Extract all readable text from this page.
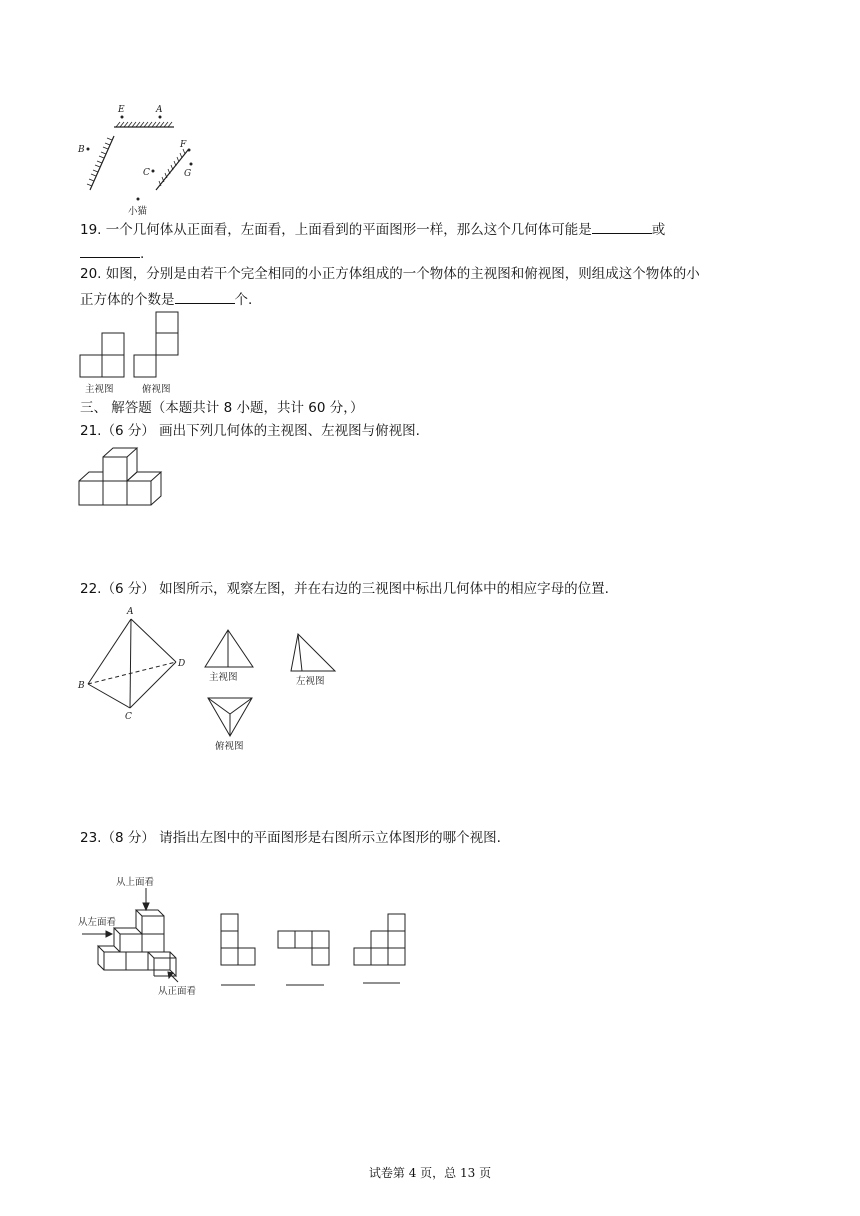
E	A
B
C
F
G
小猫
19. 一个几何体从正面看，左面看，上面看到的平面图形一样，那么这个几何体可能是	或
.
20. 如图，分别是由若干个完全相同的小正方体组成的一个物体的主视图和俯视图，则组成这个物体的小
正方体的个数是	个.
主视图	俯视图
三、 解答题（本题共计 8 小题，共计 60 分，）
21.（6 分） 画出下列几何体的主视图、左视图与俯视图.
22.（6 分） 如图所示，观察左图，并在右边的三视图中标出几何体中的相应字母的位置.
A
B
C
D
主视图	左视图
俯视图
23.（8 分） 请指出左图中的平面图形是右图所示立体图形的哪个视图.
从上面看
从左面看
从正面看
试卷第 4 页，总 13 页
